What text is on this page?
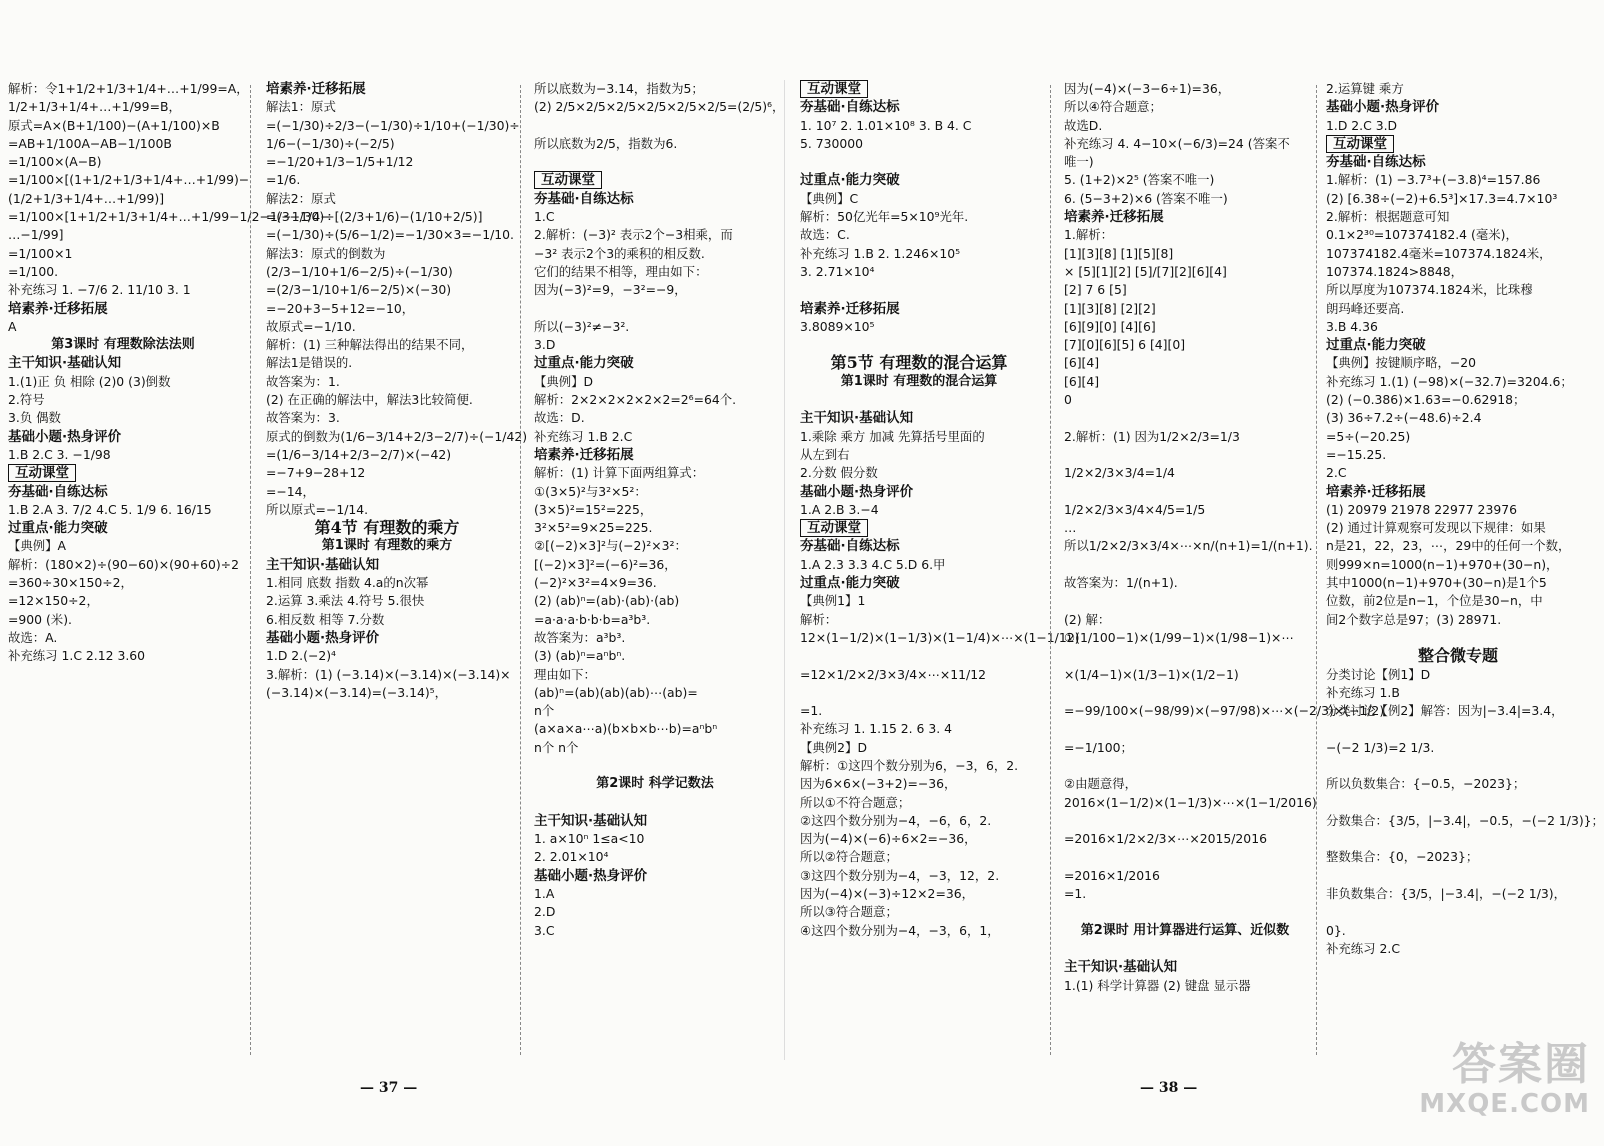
解析：令1+1/2+1/3+1/4+…+1/99=A，
1/2+1/3+1/4+…+1/99=B，
原式=A×(B+1/100)−(A+1/100)×B
=AB+1/100A−AB−1/100B
=1/100×(A−B)
=1/100×[(1+1/2+1/3+1/4+…+1/99)−
(1/2+1/3+1/4+…+1/99)]
=1/100×[1+1/2+1/3+1/4+…+1/99−1/2−1/3−1/4−
…−1/99]
=1/100×1
=1/100.
补充练习 1. −7/6 2. 11/10 3. 1
培素养·迁移拓展
A
第3课时 有理数除法法则
主干知识·基础认知
1.(1)正 负 相除 (2)0 (3)倒数
2.符号
3.负 偶数
基础小题·热身评价
1.B 2.C 3. −1/98
互动课堂
夯基础·自练达标
1.B 2.A 3. 7/2 4.C 5. 1/9 6. 16/15
过重点·能力突破
【典例】A
解析：(180×2)÷(90−60)×(90+60)÷2
=360÷30×150÷2，
=12×150÷2，
=900 (米).
故选：A.
补充练习 1.C 2.12 3.60
培素养·迁移拓展
解法1：原式
=(−1/30)÷2/3−(−1/30)÷1/10+(−1/30)÷
1/6−(−1/30)÷(−2/5)
=−1/20+1/3−1/5+1/12
=1/6.
解法2：原式
=(−1/30)÷[(2/3+1/6)−(1/10+2/5)]
=(−1/30)÷(5/6−1/2)=−1/30×3=−1/10.
解法3：原式的倒数为
(2/3−1/10+1/6−2/5)÷(−1/30)
=(2/3−1/10+1/6−2/5)×(−30)
=−20+3−5+12=−10，
故原式=−1/10.
解析：(1) 三种解法得出的结果不同，
解法1是错误的.
故答案为：1.
(2) 在正确的解法中，解法3比较简便.
故答案为：3.
原式的倒数为(1/6−3/14+2/3−2/7)÷(−1/42)
=(1/6−3/14+2/3−2/7)×(−42)
=−7+9−28+12
=−14，
所以原式=−1/14.
第4节 有理数的乘方
第1课时 有理数的乘方
主干知识·基础认知
1.相同 底数 指数 4.a的n次幂
2.运算 3.乘法 4.符号 5.很快
6.相反数 相等 7.分数
基础小题·热身评价
1.D 2.(−2)⁴
3.解析：(1) (−3.14)×(−3.14)×(−3.14)×
(−3.14)×(−3.14)=(−3.14)⁵，
所以底数为−3.14，指数为5；
(2) 2/5×2/5×2/5×2/5×2/5×2/5=(2/5)⁶，
所以底数为2/5，指数为6.
互动课堂
夯基础·自练达标
1.C
2.解析：(−3)² 表示2个−3相乘，而
−3² 表示2个3的乘积的相反数.
它们的结果不相等，理由如下：
因为(−3)²=9，−3²=−9，
所以(−3)²≠−3².
3.D
过重点·能力突破
【典例】D
解析：2×2×2×2×2×2=2⁶=64个.
故选：D.
补充练习 1.B 2.C
培素养·迁移拓展
解析：(1) 计算下面两组算式：
①(3×5)²与3²×5²：
(3×5)²=15²=225，
3²×5²=9×25=225.
②[(−2)×3]²与(−2)²×3²：
[(−2)×3]²=(−6)²=36，
(−2)²×3²=4×9=36.
(2) (ab)ⁿ=(ab)·(ab)·(ab)
=a·a·a·b·b·b=a³b³.
故答案为：a³b³.
(3) (ab)ⁿ=aⁿbⁿ.
理由如下：
(ab)ⁿ=(ab)(ab)(ab)⋯(ab)=
n个
(a×a×a⋯a)(b×b×b⋯b)=aⁿbⁿ
n个 n个
第2课时 科学记数法
主干知识·基础认知
1. a×10ⁿ 1≤a<10
2. 2.01×10⁴
基础小题·热身评价
1.A
2.D
3.C
互动课堂
夯基础·自练达标
1. 10⁷ 2. 1.01×10⁸ 3. B 4. C
5. 730000
过重点·能力突破
【典例】C
解析：50亿光年=5×10⁹光年.
故选：C.
补充练习 1.B 2. 1.246×10⁵
3. 2.71×10⁴
培素养·迁移拓展
3.8089×10⁵
第5节 有理数的混合运算
第1课时 有理数的混合运算
主干知识·基础认知
1.乘除 乘方 加减 先算括号里面的
从左到右
2.分数 假分数
基础小题·热身评价
1.A 2.B 3.−4
互动课堂
夯基础·自练达标
1.A 2.3 3.3 4.C 5.D 6.甲
过重点·能力突破
【典例1】1
解析：
12×(1−1/2)×(1−1/3)×(1−1/4)×⋯×(1−1/12)
=12×1/2×2/3×3/4×⋯×11/12
=1.
补充练习 1. 1.15 2. 6 3. 4
【典例2】D
解析：①这四个数分别为6，−3，6，2.
因为6×6×(−3+2)=−36，
所以①不符合题意；
②这四个数分别为−4，−6，6，2.
因为(−4)×(−6)÷6×2=−36，
所以②符合题意；
③这四个数分别为−4，−3，12，2.
因为(−4)×(−3)÷12×2=36，
所以③符合题意；
④这四个数分别为−4，−3，6，1，
因为(−4)×(−3−6÷1)=36，
所以④符合题意；
故选D.
补充练习 4. 4−10×(−6/3)=24 (答案不
唯一)
5. (1+2)×2⁵ (答案不唯一)
6. (5−3+2)×6 (答案不唯一)
培素养·迁移拓展
1.解析：
[1][3][8] [1][5][8]
× [5][1][2] [5]/[7][2][6][4]
[2] 7 6 [5]
[1][3][8] [2][2]
[6][9][0] [4][6]
[7][0][6][5] 6 [4][0]
[6][4]
[6][4]
0
2.解析：(1) 因为1/2×2/3=1/3
1/2×2/3×3/4=1/4
1/2×2/3×3/4×4/5=1/5
…
所以1/2×2/3×3/4×⋯×n/(n+1)=1/(n+1).
故答案为：1/(n+1).
(2) 解：
①(1/100−1)×(1/99−1)×(1/98−1)×⋯
×(1/4−1)×(1/3−1)×(1/2−1)
=−99/100×(−98/99)×(−97/98)×⋯×(−2/3)×(−1/2)
=−1/100；
②由题意得，
2016×(1−1/2)×(1−1/3)×⋯×(1−1/2016)
=2016×1/2×2/3×⋯×2015/2016
=2016×1/2016
=1.
第2课时 用计算器进行运算、近似数
主干知识·基础认知
1.(1) 科学计算器 (2) 键盘 显示器
2.运算键 乘方
基础小题·热身评价
1.D 2.C 3.D
互动课堂
夯基础·自练达标
1.解析：(1) −3.7³+(−3.8)⁴=157.86
(2) [6.38÷(−2)+6.5³]×17.3=4.7×10³
2.解析：根据题意可知
0.1×2³⁰=107374182.4 (毫米)，
107374182.4毫米=107374.1824米，
107374.1824>8848，
所以厚度为107374.1824米，比珠穆
朗玛峰还要高.
3.B 4.36
过重点·能力突破
【典例】按键顺序略，−20
补充练习 1.(1) (−98)×(−32.7)=3204.6；
(2) (−0.386)×1.63=−0.62918；
(3) 36÷7.2÷(−48.6)÷2.4
=5÷(−20.25)
=−15.25.
2.C
培素养·迁移拓展
(1) 20979 21978 22977 23976
(2) 通过计算观察可发现以下规律：如果
n是21，22，23，⋯，29中的任何一个数，
则999×n=1000(n−1)+970+(30−n)，
其中1000(n−1)+970+(30−n)是1个5
位数，前2位是n−1，个位是30−n，中
间2个数字总是97；(3) 28971.
整合微专题
分类讨论【例1】D
补充练习 1.B
分类讨论【例2】解答：因为|−3.4|=3.4，
−(−2 1/3)=2 1/3.
所以负数集合：{−0.5，−2023}；
分数集合：{3/5，|−3.4|，−0.5，−(−2 1/3)}；
整数集合：{0，−2023}；
非负数集合：{3/5，|−3.4|，−(−2 1/3)，
0}.
补充练习 2.C
— 37 —	— 38 —	答案圈
MXQE.COM
